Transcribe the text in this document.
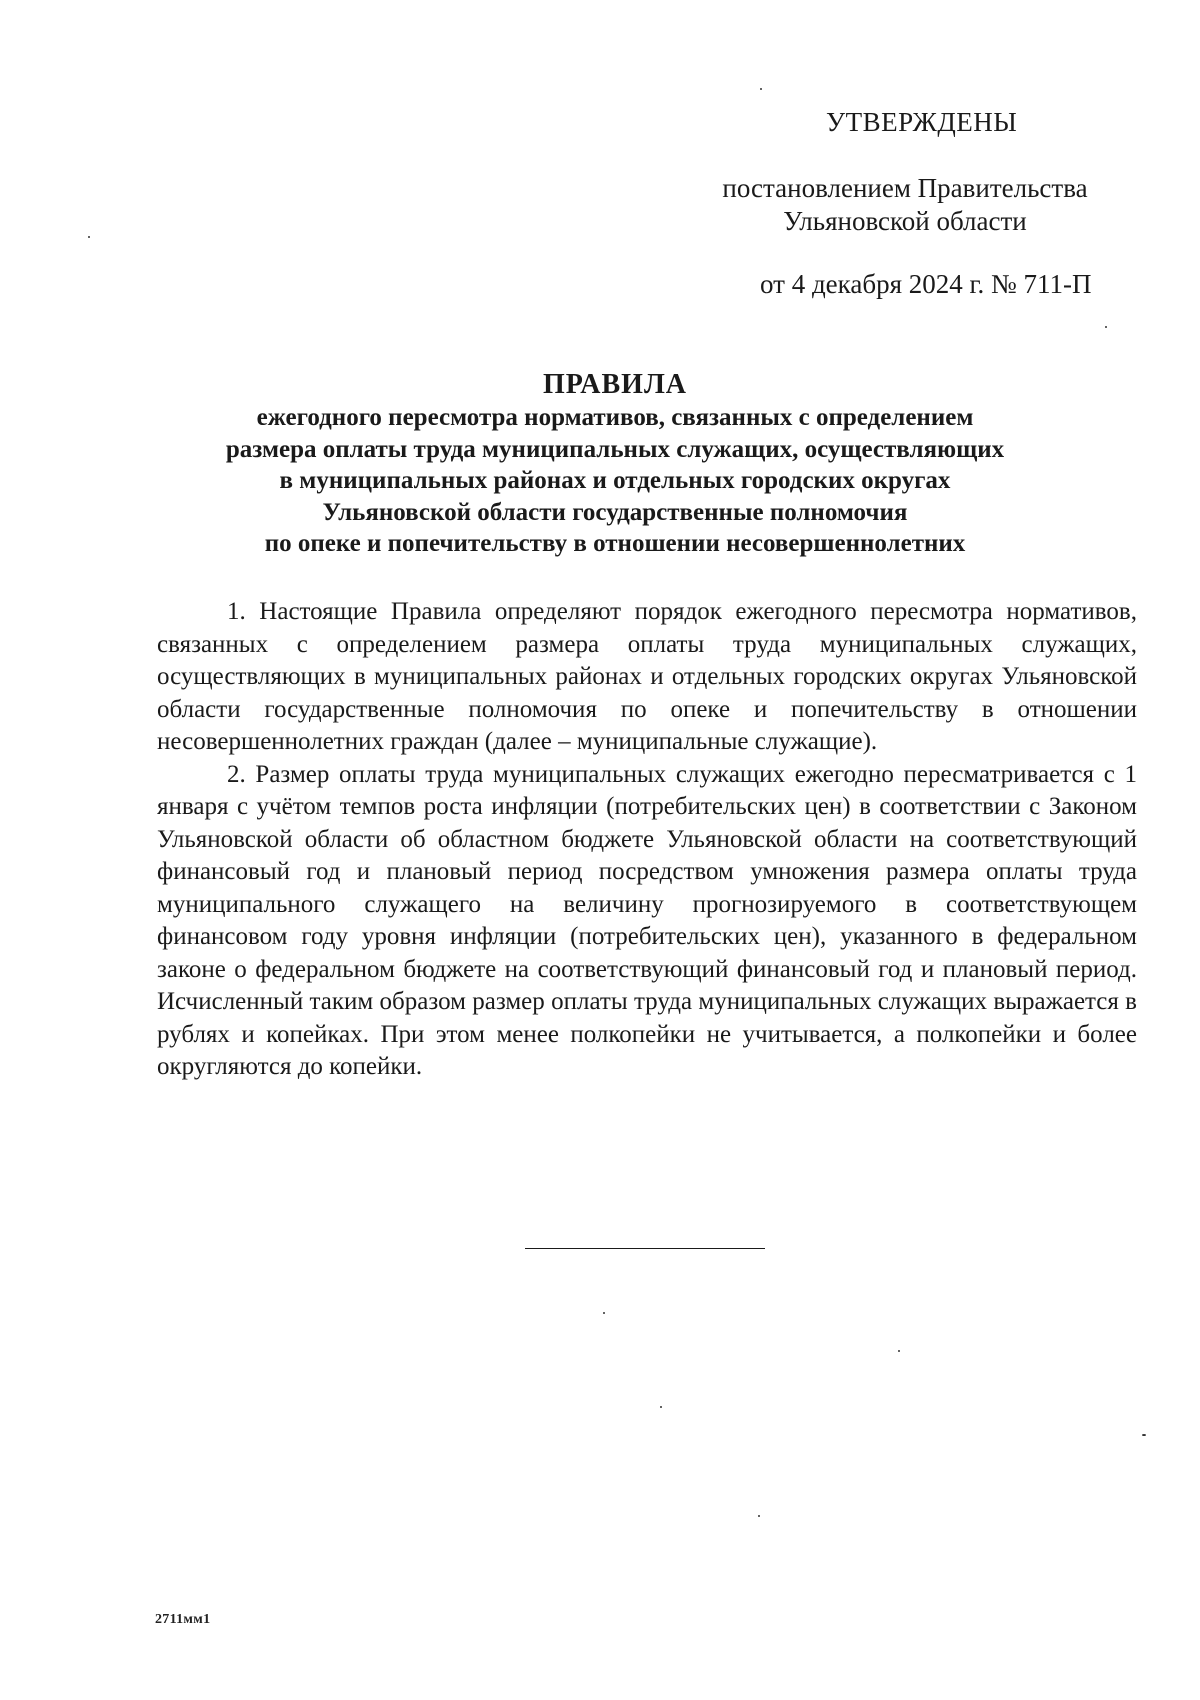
УТВЕРЖДЕНЫ
постановлением Правительства
Ульяновской области
от 4 декабря 2024 г. № 711-П
ПРАВИЛА
ежегодного пересмотра нормативов, связанных с определением
размера оплаты труда муниципальных служащих, осуществляющих
в муниципальных районах и отдельных городских округах
Ульяновской области государственные полномочия
по опеке и попечительству в отношении несовершеннолетних

1. Настоящие Правила определяют порядок ежегодного пересмотра нормативов, связанных с определением размера оплаты труда муниципальных служащих, осуществляющих в муниципальных районах и отдельных городских округах Ульяновской области государственные полномочия по опеке и попечительству в отношении несовершеннолетних граждан (далее – муниципальные служащие).

2. Размер оплаты труда муниципальных служащих ежегодно пересматривается с 1 января с учётом темпов роста инфляции (потребительских цен) в соответствии с Законом Ульяновской области об областном бюджете Ульяновской области на соответствующий финансовый год и плановый период посредством умножения размера оплаты труда муниципального служащего на величину прогнозируемого в соответствующем финансовом году уровня инфляции (потребительских цен), указанного в федеральном законе о федеральном бюджете на соответствующий финансовый год и плановый период. Исчисленный таким образом размер оплаты труда муниципальных служащих выражается в рублях и копейках. При этом менее полкопейки не учитывается, а полкопейки и более округляются до копейки.

2711мм1
